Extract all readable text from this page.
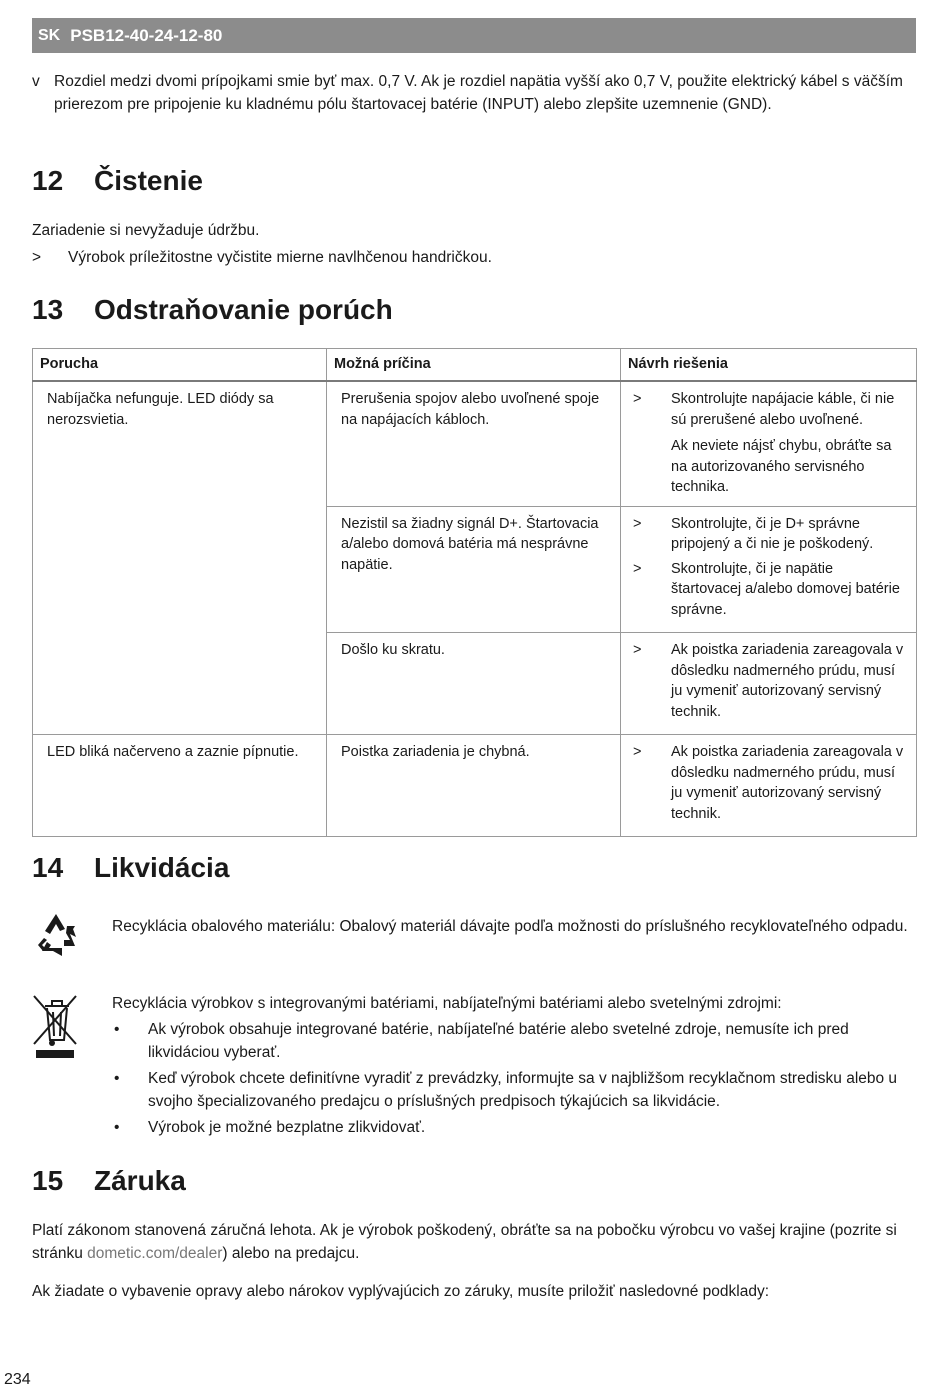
SK PSB12-40-24-12-80
v Rozdiel medzi dvomi prípojkami smie byť max. 0,7 V. Ak je rozdiel napätia vyšší ako 0,7 V, použite elektrický kábel s väčším prierezom pre pripojenie ku kladnému pólu štartovacej batérie (INPUT) alebo zlepšite uzemnenie (GND).
12 Čistenie
Zariadenie si nevyžaduje údržbu.
>	Výrobok príležitostne vyčistite mierne navlhčenou handričkou.
13 Odstraňovanie porúch
Porucha	Možná príčina	Návrh riešenia
Nabíjačka nefunguje. LED diódy sa nerozsvietia.	Prerušenia spojov alebo uvoľnené spoje na napájacích kábloch.	> Skontrolujte napájacie káble, či nie sú prerušené alebo uvoľnené.
Ak neviete nájsť chybu, obráťte sa na autorizovaného servisného technika.

	Nezistil sa žiadny signál D+. Štartovacia a/alebo domová batéria má nesprávne napätie.	> Skontrolujte, či je D+ správne pripojený a či nie je poškodený.
> Skontrolujte, či je napätie štartovacej a/alebo domovej batérie správne.

	Došlo ku skratu.	> Ak poistka zariadenia zareagovala v dôsledku nadmerného prúdu, musí ju vymeniť autorizovaný servisný technik.

LED bliká načerveno a zaznie pípnutie.	Poistka zariadenia je chybná.	> Ak poistka zariadenia zareagovala v dôsledku nadmerného prúdu, musí ju vymeniť autorizovaný servisný technik.
14 Likvidácia
Recyklácia obalového materiálu: Obalový materiál dávajte podľa možnosti do príslušného recyklovateľného odpadu.
Recyklácia výrobkov s integrovanými batériami, nabíjateľnými batériami alebo svetelnými zdrojmi:
• Ak výrobok obsahuje integrované batérie, nabíjateľné batérie alebo svetelné zdroje, nemusíte ich pred likvidáciou vyberať.
• Keď výrobok chcete definitívne vyradiť z prevádzky, informujte sa v najbližšom recyklačnom stredisku alebo u svojho špecializovaného predajcu o príslušných predpisoch týkajúcich sa likvidácie.
• Výrobok je možné bezplatne zlikvidovať.
15 Záruka
Platí zákonom stanovená záručná lehota. Ak je výrobok poškodený, obráťte sa na pobočku výrobcu vo vašej krajine (pozrite si stránku dometic.com/dealer) alebo na predajcu.
Ak žiadate o vybavenie opravy alebo nárokov vyplývajúcich zo záruky, musíte priložiť nasledovné podklady:
234
